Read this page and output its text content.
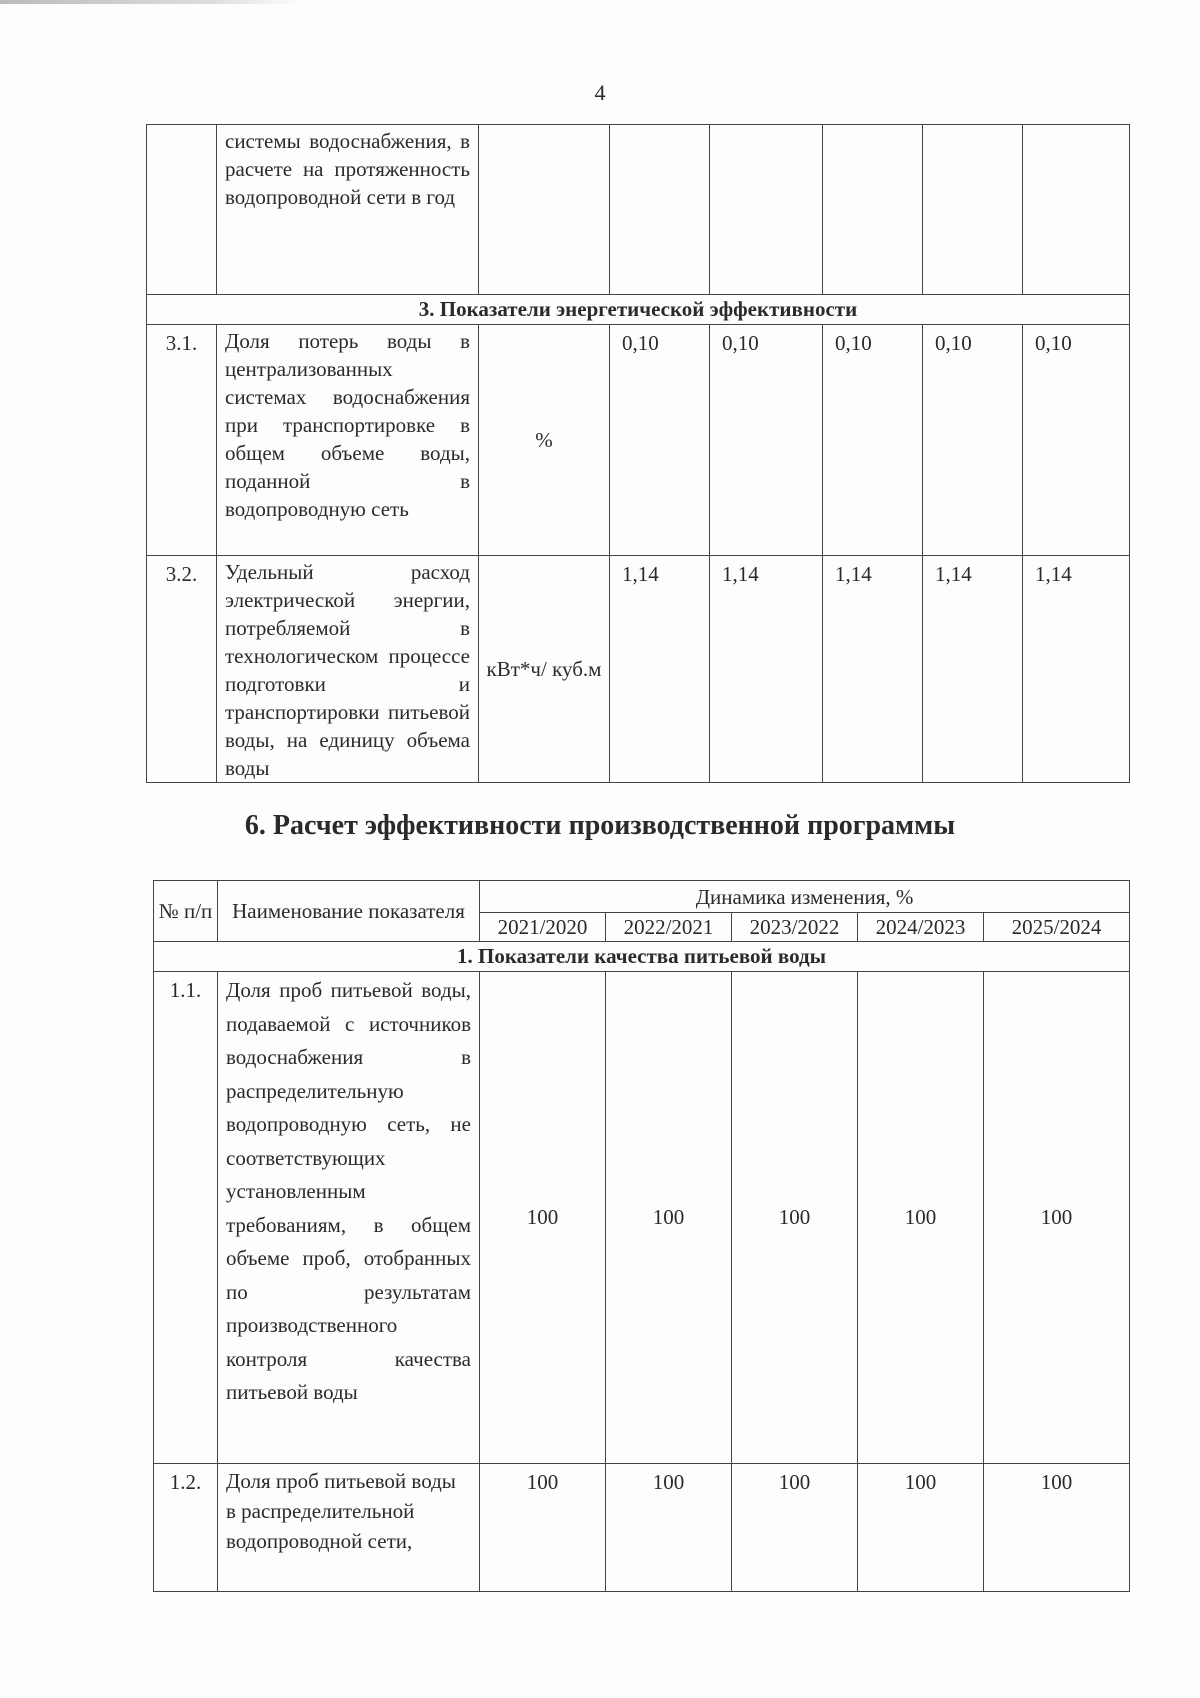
4
	системы водоснабжения, в расчете на протяженность водопроводной сети в год						
3. Показатели энергетической эффективности							
3.1.	Доля потерь воды в централизованных системах водоснабжения при транспортировке в общем объеме воды, поданной в водопроводную сеть	%	0,10	0,10	0,10	0,10	0,10
3.2.	Удельный расход электрической энергии, потребляемой в технологическом процессе подготовки и транспортировки питьевой воды, на единицу объема воды	кВт*ч/ куб.м	1,14	1,14	1,14	1,14	1,14
6. Расчет эффективности производственной программы
№ п/п	Наименование показателя	Динамика изменения, %				
		2021/2020	2022/2021	2023/2022	2024/2023	2025/2024
1. Показатели качества питьевой воды						
1.1.	Доля проб питьевой воды, подаваемой с источников водоснабжения в распределительную водопроводную сеть, не соответствующих установленным требованиям, в общем объеме проб, отобранных по результатам производственного контроля качества питьевой воды	100	100	100	100	100
1.2.	Доля проб питьевой воды в распределительной водопроводной сети,	100	100	100	100	100
